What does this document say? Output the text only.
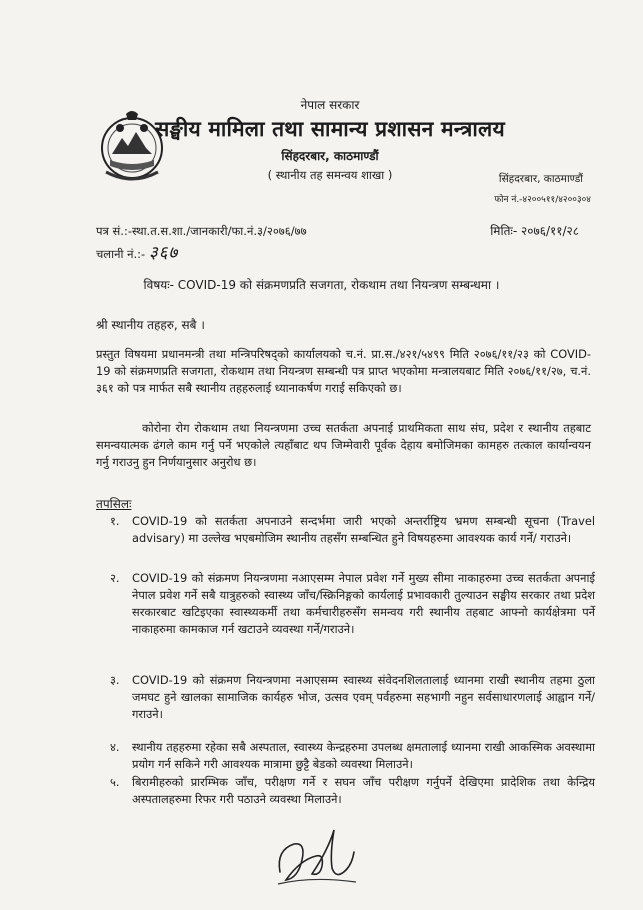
नेपाल सरकार
सङ्घीय मामिला तथा सामान्य प्रशासन मन्त्रालय
सिंहदरबार, काठमाण्डौं
( स्थानीय तह समन्वय शाखा )	सिंहदरबार, काठमाण्डौं
फोन नं.-४२००५११/४२००३०४
पत्र सं.:-स्था.त.स.शा./जानकारी/फा.नं.३/२०७६/७७	मितिः- २०७६/११/२८
चलानी नं.:- ३६७
विषयः- COVID-19 को संक्रमणप्रति सजगता, रोकथाम तथा नियन्त्रण सम्बन्धमा ।
श्री स्थानीय तहहरु, सबै ।
प्रस्तुत विषयमा प्रधानमन्त्री तथा मन्त्रिपरिषद्को कार्यालयको च.नं. प्रा.स./४२१/५४९९ मिति २०७६/११/२३ को COVID-19 को संक्रमणप्रति सजगता, रोकथाम तथा नियन्त्रण सम्बन्धी पत्र प्राप्त भएकोमा मन्त्रालयबाट मिति २०७६/११/२७, च.नं. ३६१ को पत्र मार्फत सबै स्थानीय तहहरुलाई ध्यानाकर्षण गराई सकिएको छ।
कोरोना रोग रोकथाम तथा नियन्त्रणमा उच्च सतर्कता अपनाई प्राथमिकता साथ संघ, प्रदेश र स्थानीय तहबाट समन्वयात्मक ढंगले काम गर्नु पर्ने भएकोले त्यहाँबाट थप जिम्मेवारी पूर्वक देहाय बमोजिमका कामहरु तत्काल कार्यान्वयन गर्नु गराउनु हुन निर्णयानुसार अनुरोध छ।
तपसिलः
१.	COVID-19 को सतर्कता अपनाउने सन्दर्भमा जारी भएको अन्तर्राष्ट्रिय भ्रमण सम्बन्धी सूचना (Travel advisary) मा उल्लेख भएबमोजिम स्थानीय तहसँग सम्बन्धित हुने विषयहरुमा आवश्यक कार्य गर्ने/ गराउने।
२.	COVID-19 को संक्रमण नियन्त्रणमा नआएसम्म नेपाल प्रवेश गर्ने मुख्य सीमा नाकाहरुमा उच्च सतर्कता अपनाई नेपाल प्रवेश गर्ने सबै यात्रुहरुको स्वास्थ्य जाँच/स्क्रिनिङ्गको कार्यलाई प्रभावकारी तुल्याउन सङ्घीय सरकार तथा प्रदेश सरकारबाट खटिइएका स्वास्थ्यकर्मी तथा कर्मचारीहरुसँग समन्वय गरी स्थानीय तहबाट आफ्नो कार्यक्षेत्रमा पर्ने नाकाहरुमा कामकाज गर्न खटाउने व्यवस्था गर्ने/गराउने।
३.	COVID-19 को संक्रमण नियन्त्रणमा नआएसम्म स्वास्थ्य संवेदनशिलतालाई ध्यानमा राखी स्थानीय तहमा ठुला जमघट हुने खालका सामाजिक कार्यहरु भोज, उत्सव एवम् पर्वहरुमा सहभागी नहुन सर्वसाधारणलाई आह्वान गर्ने/गराउने।
४.	स्थानीय तहहरुमा रहेका सबै अस्पताल, स्वास्थ्य केन्द्रहरुमा उपलब्ध क्षमतालाई ध्यानमा राखी आकस्मिक अवस्थामा प्रयोग गर्न सकिने गरी आवश्यक मात्रामा छुट्टै बेडको व्यवस्था मिलाउने।
५.	बिरामीहरुको प्रारम्भिक जाँच, परीक्षण गर्ने र सघन जाँच परीक्षण गर्नुपर्ने देखिएमा प्रादेशिक तथा केन्द्रिय अस्पतालहरुमा रिफर गरी पठाउने व्यवस्था मिलाउने।
